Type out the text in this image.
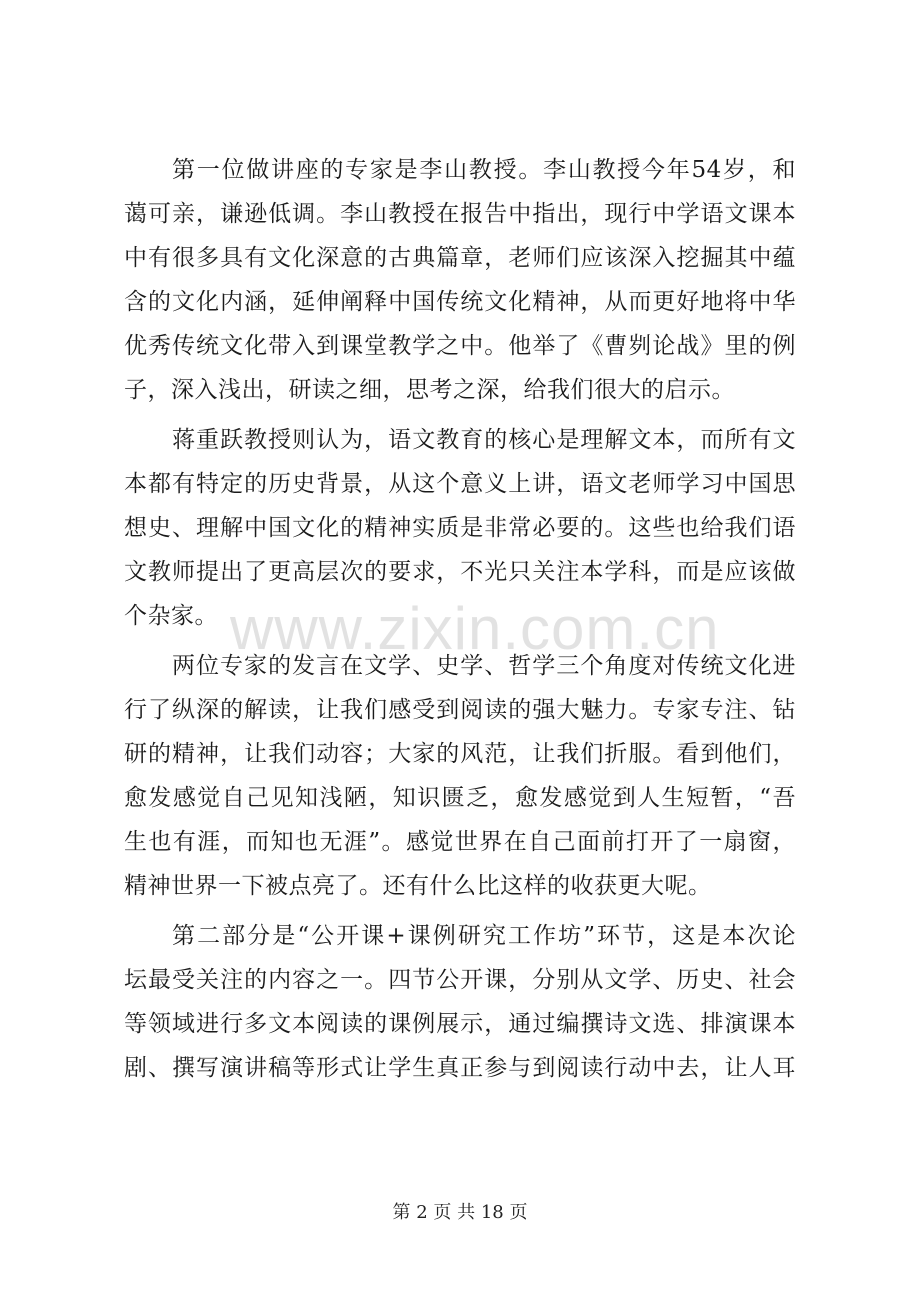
第一位做讲座的专家是李山教授。李山教授今年54岁，和
蔼可亲，谦逊低调。李山教授在报告中指出，现行中学语文课本
中有很多具有文化深意的古典篇章，老师们应该深入挖掘其中蕴
含的文化内涵，延伸阐释中国传统文化精神，从而更好地将中华
优秀传统文化带入到课堂教学之中。他举了《曹刿论战》里的例
子，深入浅出，研读之细，思考之深，给我们很大的启示。
蒋重跃教授则认为，语文教育的核心是理解文本，而所有文
本都有特定的历史背景，从这个意义上讲，语文老师学习中国思
想史、理解中国文化的精神实质是非常必要的。这些也给我们语
文教师提出了更高层次的要求，不光只关注本学科，而是应该做
个杂家。
两位专家的发言在文学、史学、哲学三个角度对传统文化进
行了纵深的解读，让我们感受到阅读的强大魅力。专家专注、钻
研的精神，让我们动容；大家的风范，让我们折服。看到他们，
愈发感觉自己见知浅陋，知识匮乏，愈发感觉到人生短暂，“吾
生也有涯，而知也无涯”。感觉世界在自己面前打开了一扇窗，
精神世界一下被点亮了。还有什么比这样的收获更大呢。
第二部分是“公开课+课例研究工作坊”环节，这是本次论
坛最受关注的内容之一。四节公开课，分别从文学、历史、社会
等领域进行多文本阅读的课例展示，通过编撰诗文选、排演课本
剧、撰写演讲稿等形式让学生真正参与到阅读行动中去，让人耳
www.zixin.com.cn
第 2 页 共 18 页
